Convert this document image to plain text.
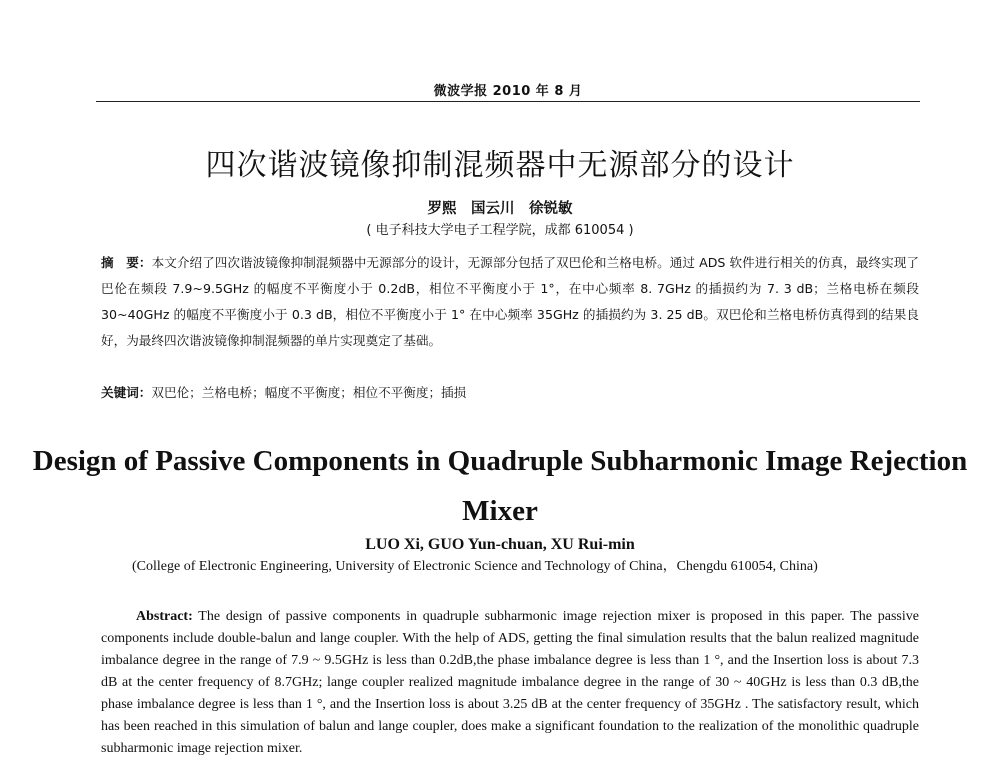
微波学报 2010 年 8 月
四次谐波镜像抑制混频器中无源部分的设计
罗熙　国云川　徐锐敏
( 电子科技大学电子工程学院，成都 610054 )
摘　要：本文介绍了四次谐波镜像抑制混频器中无源部分的设计，无源部分包括了双巴伦和兰格电桥。通过 ADS 软件进行相关的仿真，最终实现了巴伦在频段 7.9~9.5GHz 的幅度不平衡度小于 0.2dB，相位不平衡度小于 1°，在中心频率 8. 7GHz 的插损约为 7. 3 dB；兰格电桥在频段 30~40GHz 的幅度不平衡度小于 0.3 dB，相位不平衡度小于 1° 在中心频率 35GHz 的插损约为 3. 25 dB。双巴伦和兰格电桥仿真得到的结果良好，为最终四次谐波镜像抑制混频器的单片实现奠定了基础。
关键词：双巴伦；兰格电桥；幅度不平衡度；相位不平衡度；插损
Design of Passive Components in Quadruple Subharmonic Image Rejection Mixer
LUO Xi, GUO Yun-chuan, XU Rui-min
(College of Electronic Engineering, University of Electronic Science and Technology of China，Chengdu 610054, China)
Abstract: The design of passive components in quadruple subharmonic image rejection mixer is proposed in this paper. The passive components include double-balun and lange coupler. With the help of ADS, getting the final simulation results that the balun realized magnitude imbalance degree in the range of 7.9 ~ 9.5GHz is less than 0.2dB,the phase imbalance degree is less than 1 °, and the Insertion loss is about 7.3 dB at the center frequency of 8.7GHz; lange coupler realized magnitude imbalance degree in the range of 30 ~ 40GHz is less than 0.3 dB,the phase imbalance degree is less than 1 °, and the Insertion loss is about 3.25 dB at the center frequency of 35GHz . The satisfactory result, which has been reached in this simulation of balun and lange coupler, does make a significant foundation to the realization of the monolithic quadruple subharmonic image rejection mixer.
